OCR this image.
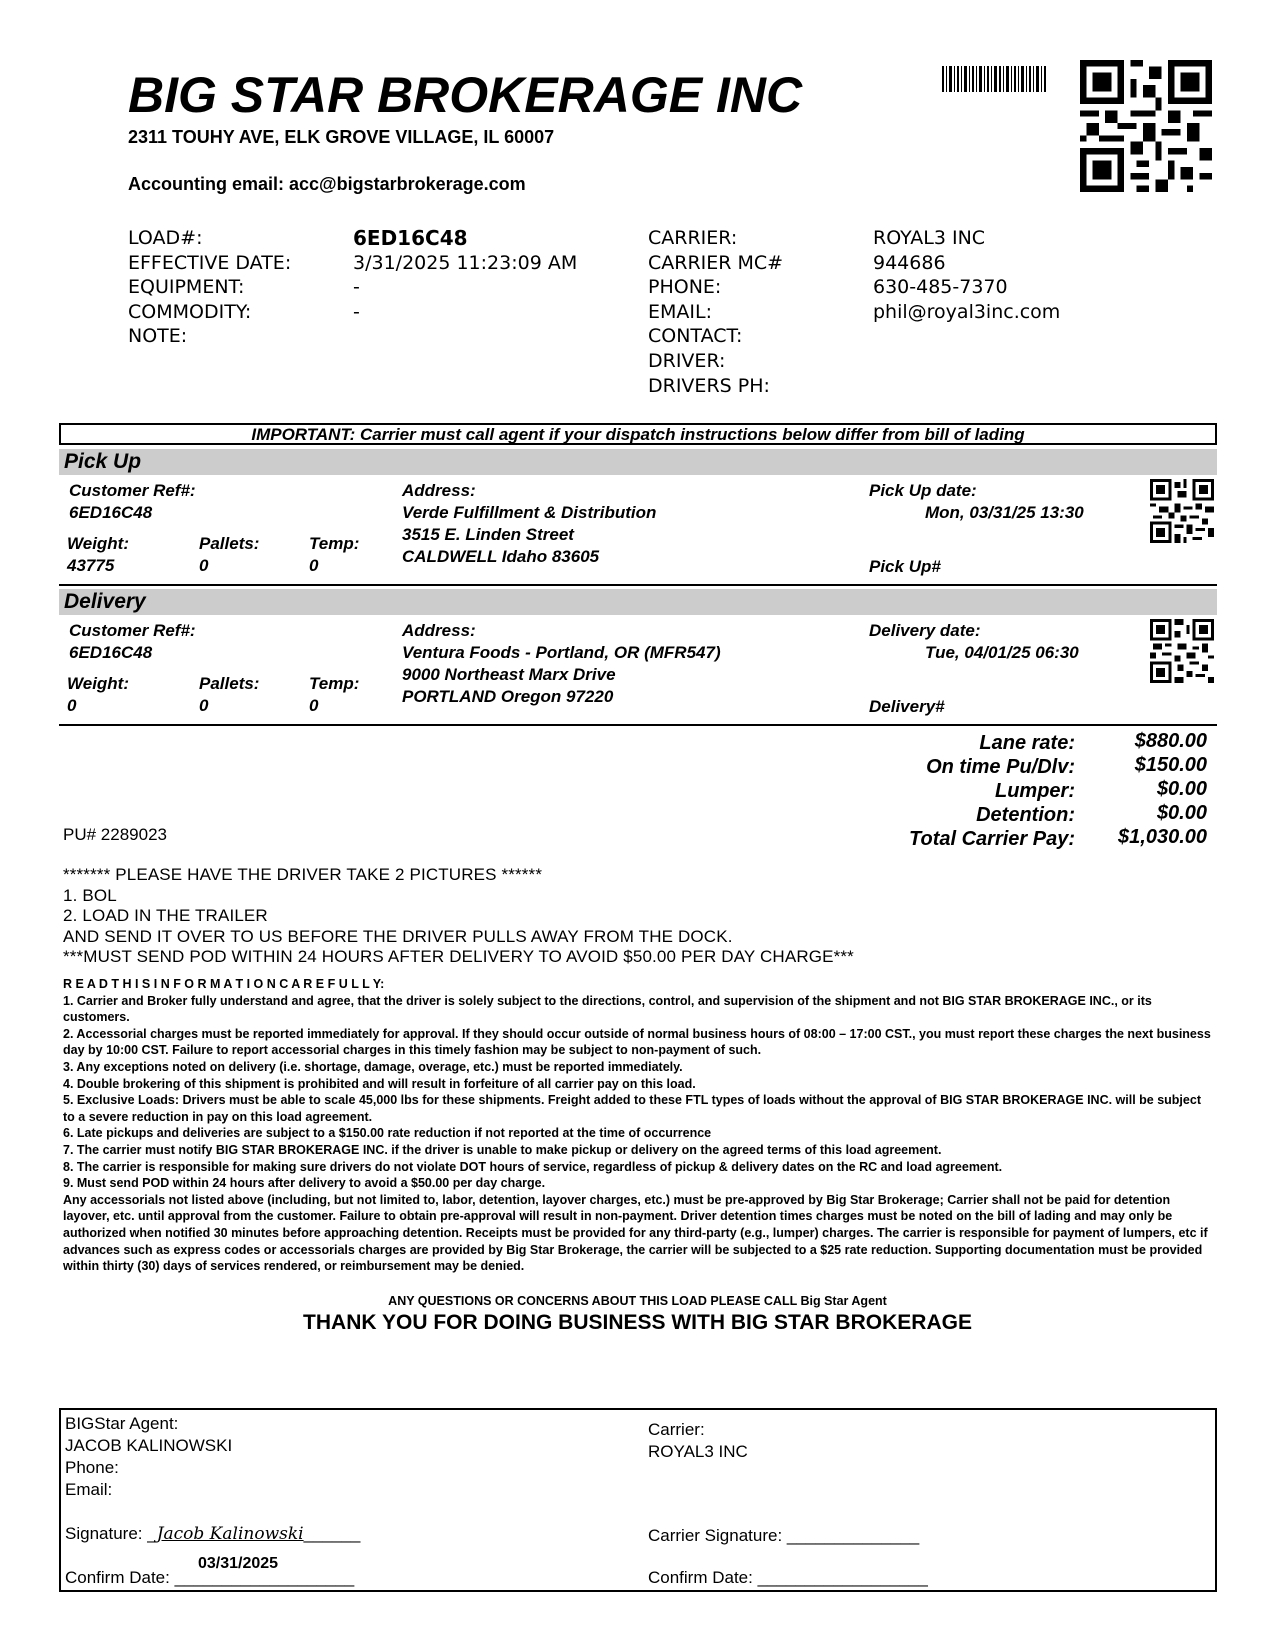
BIG STAR BROKERAGE INC
2311 TOUHY AVE, ELK GROVE VILLAGE, IL 60007
Accounting email: acc@bigstarbrokerage.com
LOAD#:
EFFECTIVE DATE:
EQUIPMENT:
COMMODITY:
NOTE:
6ED16C48
3/31/2025 11:23:09 AM
-
-
CARRIER:
CARRIER MC#
PHONE:
EMAIL:
CONTACT:
DRIVER:
DRIVERS PH:
ROYAL3 INC
944686
630-485-7370
phil@royal3inc.com
IMPORTANT: Carrier must call agent if your dispatch instructions below differ from bill of lading
Pick Up
Customer Ref#:
6ED16C48
Weight:
43775
Pallets:
0
Temp:
0
Address:
Verde Fulfillment & Distribution
3515 E. Linden Street
CALDWELL Idaho 83605
Pick Up date:
Mon, 03/31/25 13:30
Pick Up#
Delivery
Customer Ref#:
6ED16C48
Weight:
0
Pallets:
0
Temp:
0
Address:
Ventura Foods - Portland, OR (MFR547)
9000 Northeast Marx Drive
PORTLAND Oregon 97220
Delivery date:
Tue, 04/01/25 06:30
Delivery#
Lane rate:
On time Pu/Dlv:
Lumper:
Detention:
Total Carrier Pay:
$880.00
$150.00
$0.00
$0.00
$1,030.00
PU# 2289023
******* PLEASE HAVE THE DRIVER TAKE 2 PICTURES ******
1. BOL
2. LOAD IN THE TRAILER
AND SEND IT OVER TO US BEFORE THE DRIVER PULLS AWAY FROM THE DOCK.
***MUST SEND POD WITHIN 24 HOURS AFTER DELIVERY TO AVOID $50.00 PER DAY CHARGE***
R E A D T H I S I N F O R M A T I O N C A R E F U L L Y:
1. Carrier and Broker fully understand and agree, that the driver is solely subject to the directions, control, and supervision of the shipment and not BIG STAR BROKERAGE INC., or its customers.
2. Accessorial charges must be reported immediately for approval. If they should occur outside of normal business hours of 08:00 – 17:00 CST., you must report these charges the next business day by 10:00 CST. Failure to report accessorial charges in this timely fashion may be subject to non-payment of such.
3. Any exceptions noted on delivery (i.e. shortage, damage, overage, etc.) must be reported immediately.
4. Double brokering of this shipment is prohibited and will result in forfeiture of all carrier pay on this load.
5. Exclusive Loads: Drivers must be able to scale 45,000 lbs for these shipments. Freight added to these FTL types of loads without the approval of BIG STAR BROKERAGE INC. will be subject to a severe reduction in pay on this load agreement.
6. Late pickups and deliveries are subject to a $150.00 rate reduction if not reported at the time of occurrence
7. The carrier must notify BIG STAR BROKERAGE INC. if the driver is unable to make pickup or delivery on the agreed terms of this load agreement.
8. The carrier is responsible for making sure drivers do not violate DOT hours of service, regardless of pickup & delivery dates on the RC and load agreement.
9. Must send POD within 24 hours after delivery to avoid a $50.00 per day charge.
Any accessorials not listed above (including, but not limited to, labor, detention, layover charges, etc.) must be pre-approved by Big Star Brokerage; Carrier shall not be paid for detention layover, etc. until approval from the customer. Failure to obtain pre-approval will result in non-payment. Driver detention times charges must be noted on the bill of lading and may only be authorized when notified 30 minutes before approaching detention. Receipts must be provided for any third-party (e.g., lumper) charges. The carrier is responsible for payment of lumpers, etc if advances such as express codes or accessorials charges are provided by Big Star Brokerage, the carrier will be subjected to a $25 rate reduction. Supporting documentation must be provided within thirty (30) days of services rendered, or reimbursement may be denied.
ANY QUESTIONS OR CONCERNS ABOUT THIS LOAD PLEASE CALL Big Star Agent
THANK YOU FOR DOING BUSINESS WITH BIG STAR BROKERAGE
BIGStar Agent:
JACOB KALINOWSKI
Phone:
Email:
Signature: _Jacob Kalinowski______
Confirm Date: ___________________
03/31/2025
Carrier:
ROYAL3 INC
Carrier Signature: ______________
Confirm Date: __________________
